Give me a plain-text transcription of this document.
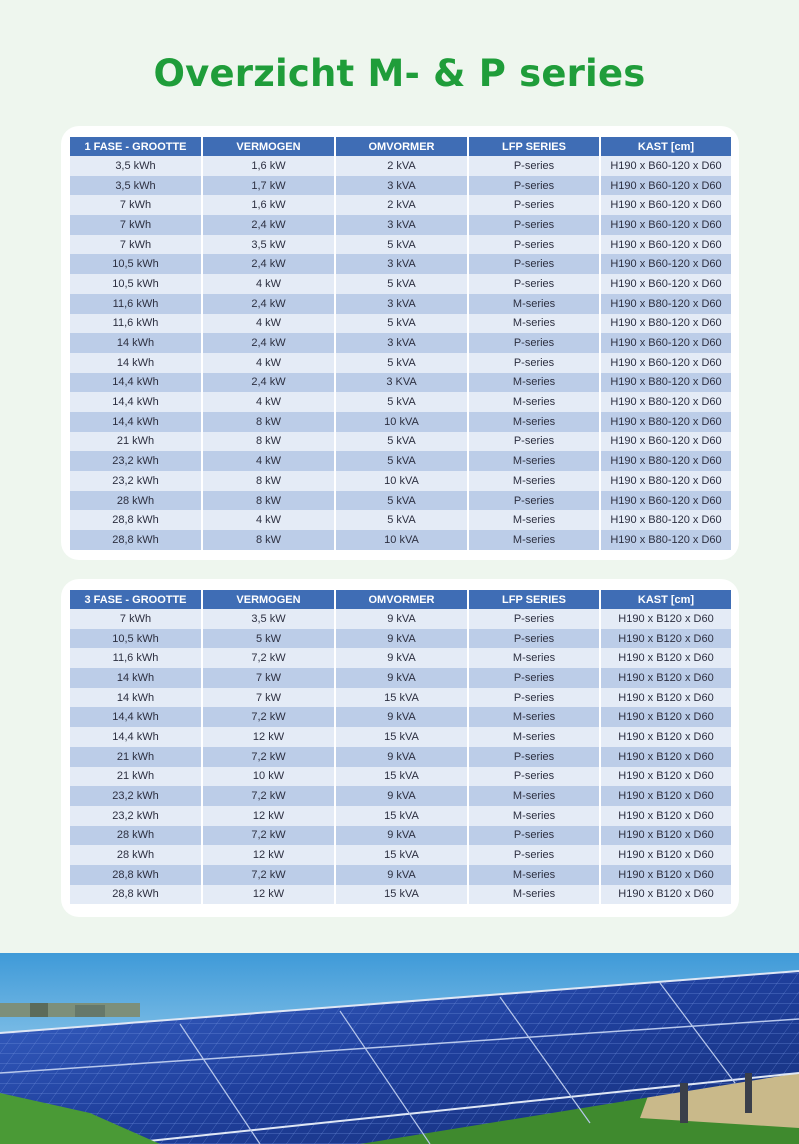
Overzicht M- & P series
1 FASE - GROOTTE	VERMOGEN	OMVORMER	LFP SERIES	KAST [cm]
3,5 kWh	1,6 kW	2 kVA	P-series	H190 x B60-120 x D60
3,5 kWh	1,7 kW	3 kVA	P-series	H190 x B60-120 x D60
7 kWh	1,6 kW	2 kVA	P-series	H190 x B60-120 x D60
7 kWh	2,4 kW	3 kVA	P-series	H190 x B60-120 x D60
7 kWh	3,5 kW	5 kVA	P-series	H190 x B60-120 x D60
10,5 kWh	2,4 kW	3 kVA	P-series	H190 x B60-120 x D60
10,5 kWh	4 kW	5 kVA	P-series	H190 x B60-120 x D60
11,6 kWh	2,4 kW	3 kVA	M-series	H190 x B80-120 x D60
11,6 kWh	4 kW	5 kVA	M-series	H190 x B80-120 x D60
14 kWh	2,4 kW	3 kVA	P-series	H190 x B60-120 x D60
14 kWh	4 kW	5 kVA	P-series	H190 x B60-120 x D60
14,4 kWh	2,4 kW	3 KVA	M-series	H190 x B80-120 x D60
14,4 kWh	4 kW	5 kVA	M-series	H190 x B80-120 x D60
14,4 kWh	8 kW	10 kVA	M-series	H190 x B80-120 x D60
21 kWh	8 kW	5 kVA	P-series	H190 x B60-120 x D60
23,2 kWh	4 kW	5 kVA	M-series	H190 x B80-120 x D60
23,2 kWh	8 kW	10 kVA	M-series	H190 x B80-120 x D60
28 kWh	8 kW	5 kVA	P-series	H190 x B60-120 x D60
28,8 kWh	4 kW	5 kVA	M-series	H190 x B80-120 x D60
28,8 kWh	8 kW	10 kVA	M-series	H190 x B80-120 x D60
3 FASE - GROOTTE	VERMOGEN	OMVORMER	LFP SERIES	KAST [cm]
7 kWh	3,5 kW	9 kVA	P-series	H190 x B120 x D60
10,5 kWh	5 kW	9 kVA	P-series	H190 x B120 x D60
11,6 kWh	7,2 kW	9 kVA	M-series	H190 x B120 x D60
14 kWh	7 kW	9 kVA	P-series	H190 x B120 x D60
14 kWh	7 kW	15 kVA	P-series	H190 x B120 x D60
14,4 kWh	7,2 kW	9 kVA	M-series	H190 x B120 x D60
14,4 kWh	12 kW	15 kVA	M-series	H190 x B120 x D60
21 kWh	7,2 kW	9 kVA	P-series	H190 x B120 x D60
21 kWh	10 kW	15 kVA	P-series	H190 x B120 x D60
23,2 kWh	7,2 kW	9 kVA	M-series	H190 x B120 x D60
23,2 kWh	12 kW	15 kVA	M-series	H190 x B120 x D60
28 kWh	7,2 kW	9 kVA	P-series	H190 x B120 x D60
28 kWh	12 kW	15 kVA	P-series	H190 x B120 x D60
28,8 kWh	7,2 kW	9 kVA	M-series	H190 x B120 x D60
28,8 kWh	12 kW	15 kVA	M-series	H190 x B120 x D60
